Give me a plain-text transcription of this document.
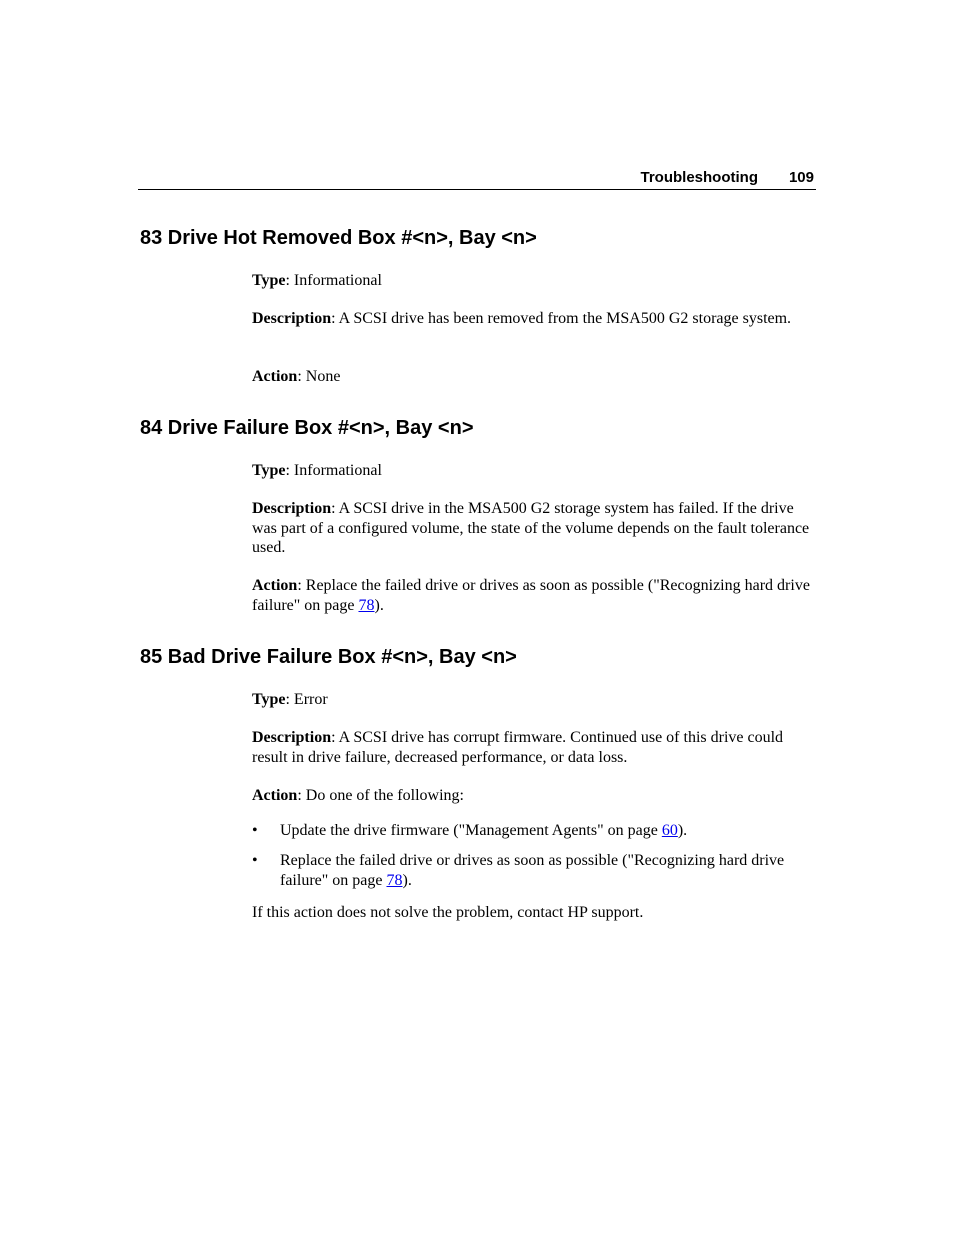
Troubleshooting 109
83 Drive Hot Removed Box #<n>, Bay <n>

Type: Informational

Description: A SCSI drive has been removed from the MSA500 G2 storage system.

Action: None

84 Drive Failure Box #<n>, Bay <n>

Type: Informational

Description: A SCSI drive in the MSA500 G2 storage system has failed. If the drive was part of a configured volume, the state of the volume depends on the fault tolerance used.

Action: Replace the failed drive or drives as soon as possible ("Recognizing hard drive failure" on page 78).

85 Bad Drive Failure Box #<n>, Bay <n>

Type: Error

Description: A SCSI drive has corrupt firmware. Continued use of this drive could result in drive failure, decreased performance, or data loss.

Action: Do one of the following:

• Update the drive firmware ("Management Agents" on page 60).
• Replace the failed drive or drives as soon as possible ("Recognizing hard drive failure" on page 78).

If this action does not solve the problem, contact HP support.
